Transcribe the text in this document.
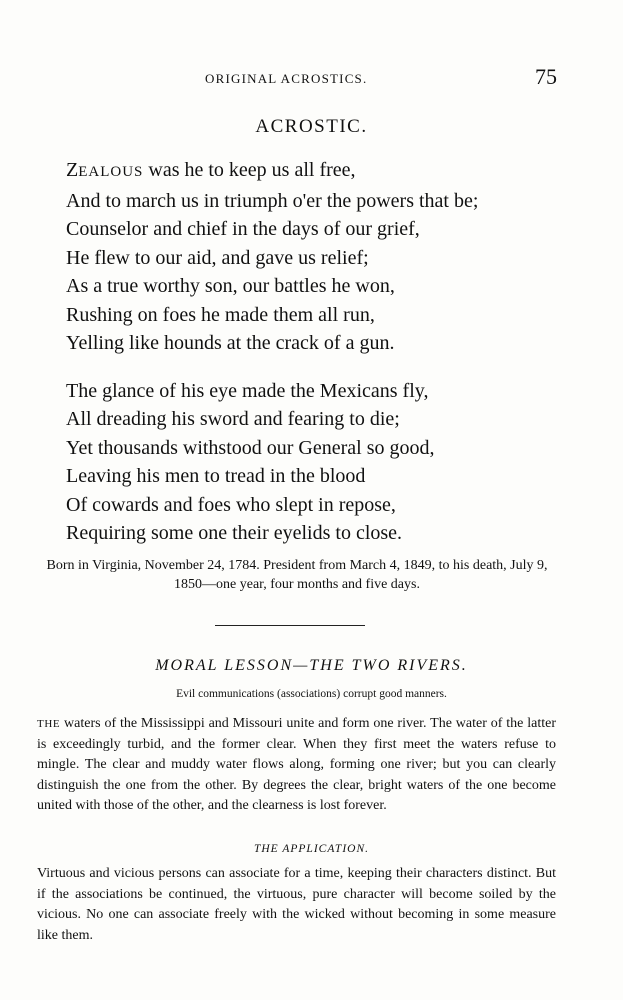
ORIGINAL ACROSTICS.	75
ACROSTIC.
ZEALOUS was he to keep us all free,
And to march us in triumph o'er the powers that be;
Counselor and chief in the days of our grief,
He flew to our aid, and gave us relief;
As a true worthy son, our battles he won,
Rushing on foes he made them all run,
Yelling like hounds at the crack of a gun.
The glance of his eye made the Mexicans fly,
All dreading his sword and fearing to die;
Yet thousands withstood our General so good,
Leaving his men to tread in the blood
Of cowards and foes who slept in repose,
Requiring some one their eyelids to close.
Born in Virginia, November 24, 1784. President from March 4, 1849, to his death, July 9, 1850—one year, four months and five days.
MORAL LESSON—THE TWO RIVERS.
Evil communications (associations) corrupt good manners.

THE waters of the Mississippi and Missouri unite and form one river. The water of the latter is exceedingly turbid, and the former clear. When they first meet the waters refuse to mingle. The clear and muddy water flows along, forming one river; but you can clearly distinguish the one from the other. By degrees the clear, bright waters of the one become united with those of the other, and the clearness is lost forever.

THE APPLICATION.

Virtuous and vicious persons can associate for a time, keeping their characters distinct. But if the associations be continued, the virtuous, pure character will become soiled by the vicious. No one can associate freely with the wicked without becoming in some measure like them.
